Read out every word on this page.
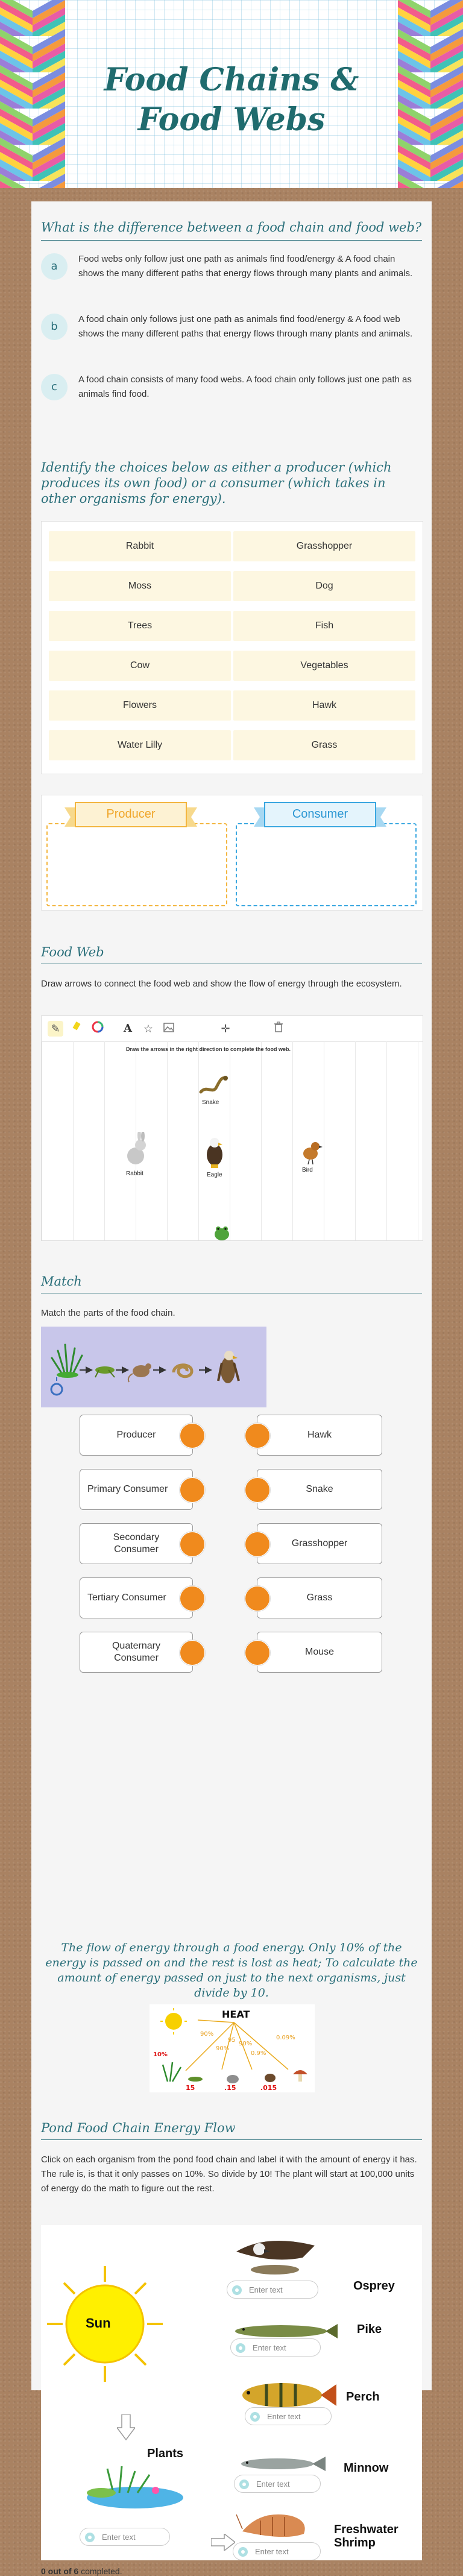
Food Chains & Food Webs

What is the difference between a food chain and food web?

a
Food webs only follow just one path as animals find food/energy & A food chain shows the many different paths that energy flows through many plants and animals.
b
A food chain only follows just one path as animals find food/energy & A food web shows the many different paths that energy flows through many plants and animals.
c
A food chain consists of many food webs. A food chain only follows just one path as animals find food.

Identify the choices below as either a producer (which produces its own food) or a consumer (which takes in other organisms for energy).

Rabbit	Grasshopper
Moss	Dog
Trees	Fish
Cow	Vegetables
Flowers	Hawk
Water Lilly	Grass
Producer	Consumer

Food Web

Draw arrows to connect the food web and show the flow of energy through the ecosystem.

✎	A	☆	✛
Draw the arrows in the right direction to complete the food web.
Snake
Rabbit	Eagle
Bird

Match

Match the parts of the food chain.

Producer
Primary Consumer
Secondary Consumer
Tertiary Consumer
Quaternary Consumer
Hawk
Snake
Grasshopper
Grass
Mouse

The flow of energy through a food energy. Only 10% of the energy is passed on and the rest is lost as heat; To calculate the amount of energy passed on just to the next organisms, just divide by 10.

HEAT
90%
90%
95
90%
0.9%
0.09%
10%
15	.15	.015

Pond Food Chain Energy Flow

Click on each organism from the pond food chain and label it with the amount of energy it has. The rule is, is that it only passes on 10%. So divide by 10! The plant will start at 100,000 units of energy do the math to figure out the rest.

Sun
Plants
Osprey
Pike
Perch
Minnow
Freshwater
Shrimp
Enter text
Enter text
Enter text
Enter text
Enter text
Enter text
0 out of 6 completed.
